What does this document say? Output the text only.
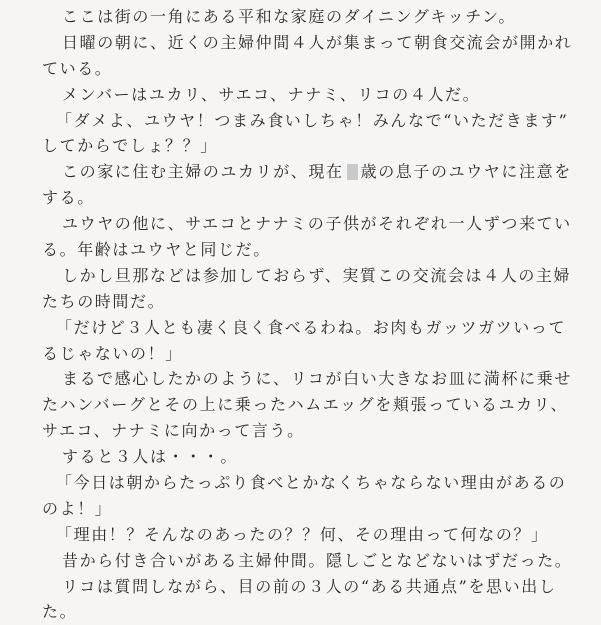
ここは街の一角にある平和な家庭のダイニングキッチン。
日曜の朝に、近くの主婦仲間４人が集まって朝食交流会が開かれ
ている。
メンバーはユカリ、サエコ、ナナミ、リコの４人だ。
「ダメよ、ユウヤ！つまみ食いしちゃ！みんなで“いただきます”
してからでしょ？？」
この家に住む主婦のユカリが、現在 歳の息子のユウヤに注意を
する。
ユウヤの他に、サエコとナナミの子供がそれぞれ一人ずつ来てい
る。年齢はユウヤと同じだ。
しかし旦那などは参加しておらず、実質この交流会は４人の主婦
たちの時間だ。
「だけど３人とも凄く良く食べるわね。お肉もガッツガツいって
るじゃないの！」
まるで感心したかのように、リコが白い大きなお皿に満杯に乗せ
たハンバーグとその上に乗ったハムエッグを頬張っているユカリ、
サエコ、ナナミに向かって言う。
すると３人は・・・。
「今日は朝からたっぷり食べとかなくちゃならない理由があるの
のよ！」
「理由！？そんなのあったの？？何、その理由って何なの？」
昔から付き合いがある主婦仲間。隠しごとなどないはずだった。
リコは質問しながら、目の前の３人の“ある共通点”を思い出し
た。
